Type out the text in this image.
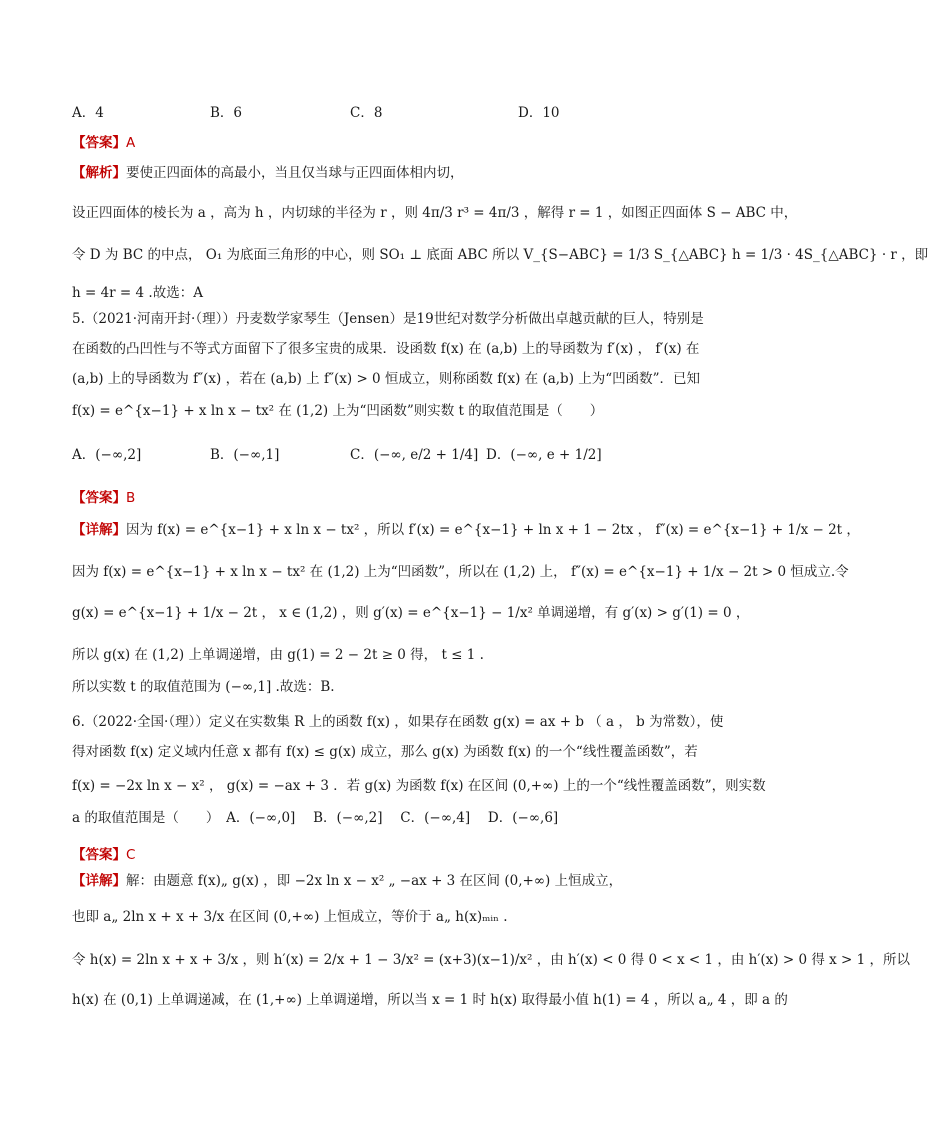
A．4	B．6	C．8	D．10
【答案】A
【解析】要使正四面体的高最小，当且仅当球与正四面体相内切，
设正四面体的棱长为 a ，高为 h ，内切球的半径为 r ，则 4π/3 r³ = 4π/3 ，解得 r = 1 ，如图正四面体 S − ABC 中，
令 D 为 BC 的中点， O₁ 为底面三角形的中心，则 SO₁ ⊥ 底面 ABC 所以 V_{S−ABC} = 1/3 S_{△ABC} h = 1/3 · 4S_{△ABC} · r ，即
h = 4r = 4 .故选：A
5.（2021·河南开封·（理））丹麦数学家琴生（Jensen）是19世纪对数学分析做出卓越贡献的巨人，特别是
在函数的凸凹性与不等式方面留下了很多宝贵的成果．设函数 f(x) 在 (a,b) 上的导函数为 f′(x) ， f′(x) 在
(a,b) 上的导函数为 f″(x) ，若在 (a,b) 上 f″(x) > 0 恒成立，则称函数 f(x) 在 (a,b) 上为“凹函数”．已知
f(x) = e^{x−1} + x ln x − tx² 在 (1,2) 上为“凹函数”则实数 t 的取值范围是（　　）
A．(−∞,2]	B．(−∞,1]	C．(−∞, e/2 + 1/4] D．(−∞, e + 1/2]
【答案】B
【详解】因为 f(x) = e^{x−1} + x ln x − tx² ，所以 f′(x) = e^{x−1} + ln x + 1 − 2tx ， f″(x) = e^{x−1} + 1/x − 2t ，
因为 f(x) = e^{x−1} + x ln x − tx² 在 (1,2) 上为“凹函数”，所以在 (1,2) 上， f″(x) = e^{x−1} + 1/x − 2t > 0 恒成立.令
g(x) = e^{x−1} + 1/x − 2t ， x ∈ (1,2) ，则 g′(x) = e^{x−1} − 1/x² 单调递增，有 g′(x) > g′(1) = 0 ，
所以 g(x) 在 (1,2) 上单调递增，由 g(1) = 2 − 2t ≥ 0 得， t ≤ 1 .
所以实数 t 的取值范围为 (−∞,1] .故选：B.
6.（2022·全国·（理））定义在实数集 R 上的函数 f(x) ，如果存在函数 g(x) = ax + b （ a ， b 为常数），使
得对函数 f(x) 定义域内任意 x 都有 f(x) ≤ g(x) 成立，那么 g(x) 为函数 f(x) 的一个“线性覆盖函数”，若
f(x) = −2x ln x − x² ， g(x) = −ax + 3 ．若 g(x) 为函数 f(x) 在区间 (0,+∞) 上的一个“线性覆盖函数”，则实数
a 的取值范围是（　　）　A．(−∞,0]　 B．(−∞,2]　 C．(−∞,4]　 D．(−∞,6]
【答案】C
【详解】解：由题意 f(x)„ g(x) ，即 −2x ln x − x² „ −ax + 3 在区间 (0,+∞) 上恒成立，
也即 a„ 2ln x + x + 3/x 在区间 (0,+∞) 上恒成立，等价于 a„ h(x)ₘᵢₙ .
令 h(x) = 2ln x + x + 3/x ，则 h′(x) = 2/x + 1 − 3/x² = (x+3)(x−1)/x² ，由 h′(x) < 0 得 0 < x < 1 ，由 h′(x) > 0 得 x > 1 ，所以
h(x) 在 (0,1) 上单调递减，在 (1,+∞) 上单调递增，所以当 x = 1 时 h(x) 取得最小值 h(1) = 4 ，所以 a„ 4 ，即 a 的
